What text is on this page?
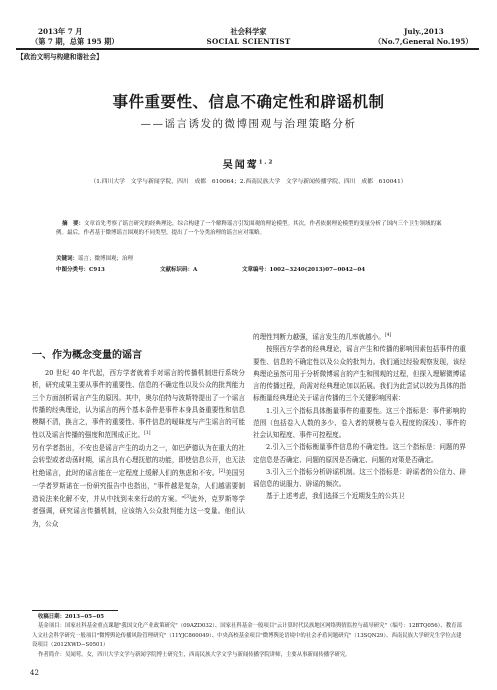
2013年 7 月
（第 7 期，总第 195 期）
社会科学家
SOCIAL SCIENTIST
July.,2013
（No.7,General No.195）
【政治文明与构建和谐社会】
事件重要性、信息不确定性和辟谣机制
——谣言诱发的微博围观与治理策略分析
吴闻莺$^{1,2}$
（1.四川大学　文学与新闻学院，四川　成都　610064；2.西南民族大学　文学与新闻传播学院，四川　成都　610041）
摘　要：文章首先考察了谣言研究的经典理论，综合构建了一个解释谣言引发围观的理论模型。其次，作者依据理论模型的变量分析了国内三个卫生领域的案例。最后，作者基于微博谣言围观的不同类型，提出了一个分类治理的谣言应对策略。
关键词：谣言；微博围观；治理
中图分类号：C913	文献标识码：A	文章编号：1002−3240(2013)07−0042−04
一、作为概念变量的谣言

20 世纪 40 年代起，西方学者就着手对谣言的传播机制进行系统分析，研究成果主要从事件的重要性、信息的不确定性以及公众的批判能力三个方面剖析谣言产生的原因。其中，奥尔伯特与波斯特提出了一个谣言传播的经典理论，认为谣言的两个基本条件是事件本身具备重要性和信息模糊不清，换言之，事件的重要性、事件信息的暧昧度与产生谣言的可能性以及谣言传播的强度和范围成正比。[1]

另有学者指出，不安也是谣言产生的动力之一，如巴萨德认为在重大的社会转型或者动荡时期，谣言具有心理抚慰的功能，即使信息公开，也无法杜绝谣言，此时的谣言能在一定程度上缓解人们的焦虑和不安。[2]美国另一学者罗斯诺在一份研究报告中也指出，"事件越是复杂，人们越需要制造说法来化解不安，并从中找到未来行动的方案。"[3]此外，克罗斯等学者强调，研究谣言传播机制，应该纳入公众批判能力这一变量。他们认为，公众

的理性判断力越强，谣言发生的几率就越小。[4]

按照西方学者的经典理论，谣言产生和传播的影响因素包括事件的重要性、信息的不确定性以及公众的批判力。我们通过经验观察发现，该经典理论虽然可用于分析微博谣言的产生和围观的过程，但探入理解微博谣言的传播过程，尚需对经典理论加以拓展。我们为此尝试以较为具体的指标衡量经典理论关于谣言传播的三个关键影响因素：

1.引入三个指标具体衡量事件的重要性。这三个指标是：事件影响的范围（包括卷入人数的多少、卷入者的规模与卷入程度的深浅）、事件的社会认知程度、事件可控程度。

2.引入三个指标衡量事件信息的不确定性。这三个指标是：问题的界定信息是否确定、问题的原因是否确定、问题的对策是否确定。

3.引入三个指标分析辟谣机制。这三个指标是：辟谣者的公信力、辟谣信息的说服力、辟谣的频次。

基于上述考虑，我们选择三个近期发生的公共卫

收稿日期：2013−05−05
基金项目：国家社科基金重点课题"我国文化产业政策研究"（09AZD032）、国家社科基金一般项目"云计算时代民族地区网络舆情监控与疏导研究"（编号：12BTQ056）、教育部人文社会科学研究一般项目"微博舆论传播风险管理研究"（11YJC860049）、中央高校基金项目"微博舆论语境中的社会矛盾问题研究"（13SQN29）、西南民族大学研究生学位点建设项目（2012XWD−S0501）
作者简介：吴闻莺，女，四川大学文学与新闻学院博士研究生，西南民族大学文学与新闻传播学院讲师，主要从事新闻传播学研究。
42
